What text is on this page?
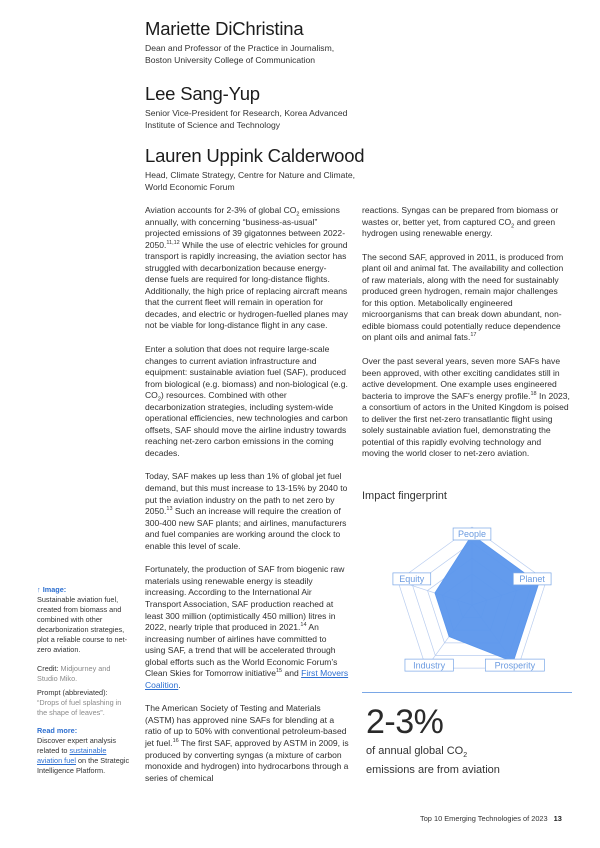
Mariette DiChristina
Dean and Professor of the Practice in Journalism, Boston University College of Communication
Lee Sang-Yup
Senior Vice-President for Research, Korea Advanced Institute of Science and Technology
Lauren Uppink Calderwood
Head, Climate Strategy, Centre for Nature and Climate, World Economic Forum
↑ Image:
Sustainable aviation fuel, created from biomass and combined with other decarbonization strategies, plot a reliable course to net-zero aviation.
Credit: Midjourney and Studio Miko.
Prompt (abbreviated):
“Drops of fuel splashing in the shape of leaves”.
Read more:
Discover expert analysis related to sustainable aviation fuel on the Strategic Intelligence Platform.

Aviation accounts for 2-3% of global $CO_2$ emissions annually, with concerning “business-as-usual” projected emissions of 39 gigatonnes between 2022-2050.$^{11,12}$ While the use of electric vehicles for ground transport is rapidly increasing, the aviation sector has struggled with decarbonization because energy-dense fuels are required for long-distance flights. Additionally, the high price of replacing aircraft means that the current fleet will remain in operation for decades, and electric or hydrogen-fuelled planes may not be viable for long-distance flight in any case.

Enter a solution that does not require large-scale changes to current aviation infrastructure and equipment: sustainable aviation fuel (SAF), produced from biological (e.g. biomass) and non-biological (e.g. $CO_2$) resources. Combined with other decarbonization strategies, including system-wide operational efficiencies, new technologies and carbon offsets, SAF should move the airline industry towards reaching net-zero carbon emissions in the coming decades.

Today, SAF makes up less than 1% of global jet fuel demand, but this must increase to 13-15% by 2040 to put the aviation industry on the path to net zero by 2050.13 Such an increase will require the creation of 300-400 new SAF plants; and airlines, manufacturers and fuel companies are working around the clock to enable this level of scale.

Fortunately, the production of SAF from biogenic raw materials using renewable energy is steadily increasing. According to the International Air Transport Association, SAF production reached at least 300 million (optimistically 450 million) litres in 2022, nearly triple that produced in 2021.14 An increasing number of airlines have committed to using SAF, a trend that will be accelerated through global efforts such as the World Economic Forum’s Clean Skies for Tomorrow initiative$^{15}$ and First Movers Coalition.

The American Society of Testing and Materials (ASTM) has approved nine SAFs for blending at a ratio of up to 50% with conventional petroleum-based jet fuel.$^{16}$ The first SAF, approved by ASTM in 2009, is produced by converting syngas (a mixture of carbon monoxide and hydrogen) into hydrocarbons through a series of chemical

reactions. Syngas can be prepared from biomass or wastes or, better yet, from captured $CO_2$ and green hydrogen using renewable energy.

The second SAF, approved in 2011, is produced from plant oil and animal fat. The availability and collection of raw materials, along with the need for sustainably produced green hydrogen, remain major challenges for this option. Metabolically engineered microorganisms that can break down abundant, non-edible biomass could potentially reduce dependence on plant oils and animal fats.$^{17}$

Over the past several years, seven more SAFs have been approved, with other exciting candidates still in active development. One example uses engineered bacteria to improve the SAF’s energy profile.$^{18}$ In 2023, a consortium of actors in the United Kingdom is poised to deliver the first net-zero transatlantic flight using solely sustainable aviation fuel, demonstrating the potential of this rapidly evolving technology and moving the world closer to net-zero aviation.

Impact fingerprint
People
Planet
Prosperity
Industry
Equity
2-3%
of annual global $CO_2$
emissions are from aviation
Top 10 Emerging Technologies of 2023 13
